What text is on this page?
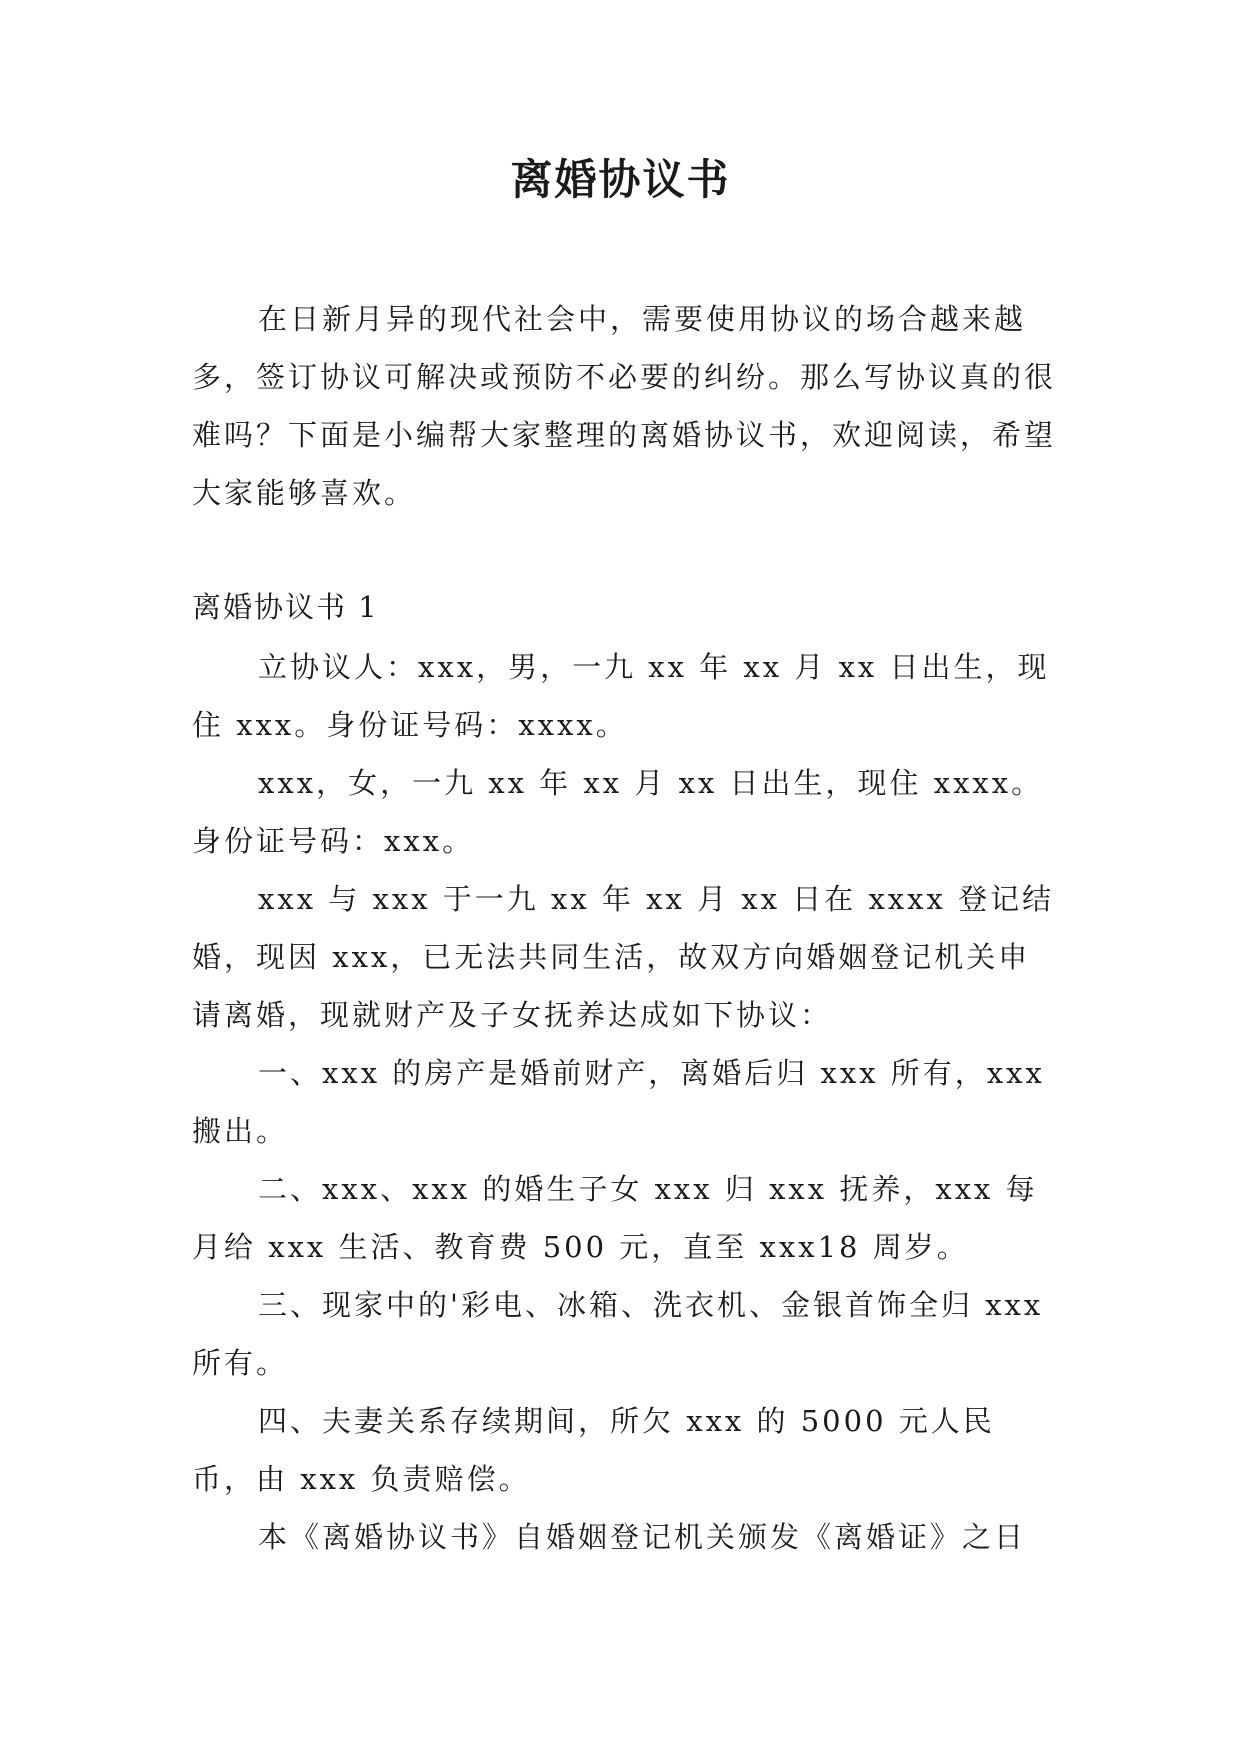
离婚协议书

在日新月异的现代社会中，需要使用协议的场合越来越多，签订协议可解决或预防不必要的纠纷。那么写协议真的很难吗？下面是小编帮大家整理的离婚协议书，欢迎阅读，希望大家能够喜欢。

离婚协议书 1

立协议人：xxx，男，一九 xx 年 xx 月 xx 日出生，现住 xxx。身份证号码：xxxx。

xxx，女，一九 xx 年 xx 月 xx 日出生，现住 xxxx。身份证号码：xxx。

xxx 与 xxx 于一九 xx 年 xx 月 xx 日在 xxxx 登记结婚，现因 xxx，已无法共同生活，故双方向婚姻登记机关申请离婚，现就财产及子女抚养达成如下协议：

一、xxx 的房产是婚前财产，离婚后归 xxx 所有，xxx 搬出。

二、xxx、xxx 的婚生子女 xxx 归 xxx 抚养，xxx 每月给 xxx 生活、教育费 500 元，直至 xxx18 周岁。

三、现家中的'彩电、冰箱、洗衣机、金银首饰全归 xxx 所有。

四、夫妻关系存续期间，所欠 xxx 的 5000 元人民币，由 xxx 负责赔偿。

本《离婚协议书》自婚姻登记机关颁发《离婚证》之日
